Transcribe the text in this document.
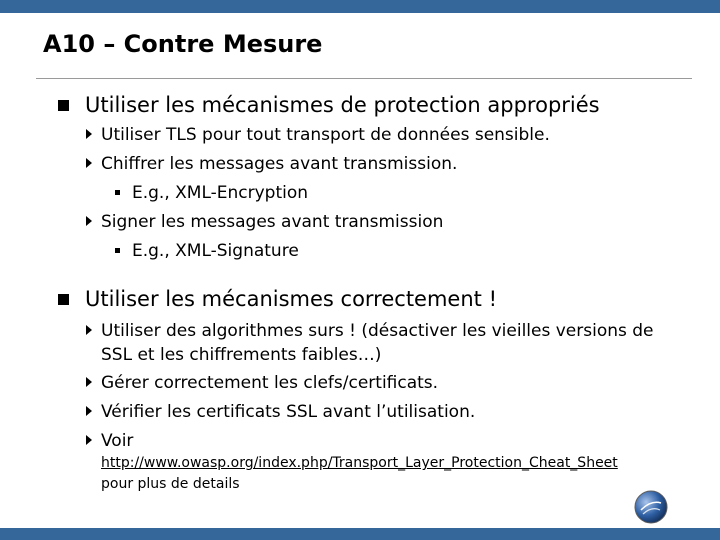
A10 – Contre Mesure
Utiliser les mécanismes de protection appropriés
Utiliser TLS pour tout transport de données sensible.
Chiffrer les messages avant transmission.
E.g., XML-Encryption
Signer les messages avant transmission
E.g., XML-Signature
Utiliser les mécanismes correctement !
Utiliser des algorithmes surs ! (désactiver les vieilles versions de
SSL et les chiffrements faibles…)
Gérer correctement les clefs/certificats.
Vérifier les certificats SSL avant l’utilisation.
Voir
http://www.owasp.org/index.php/Transport_Layer_Protection_Cheat_Sheet
pour plus de details
